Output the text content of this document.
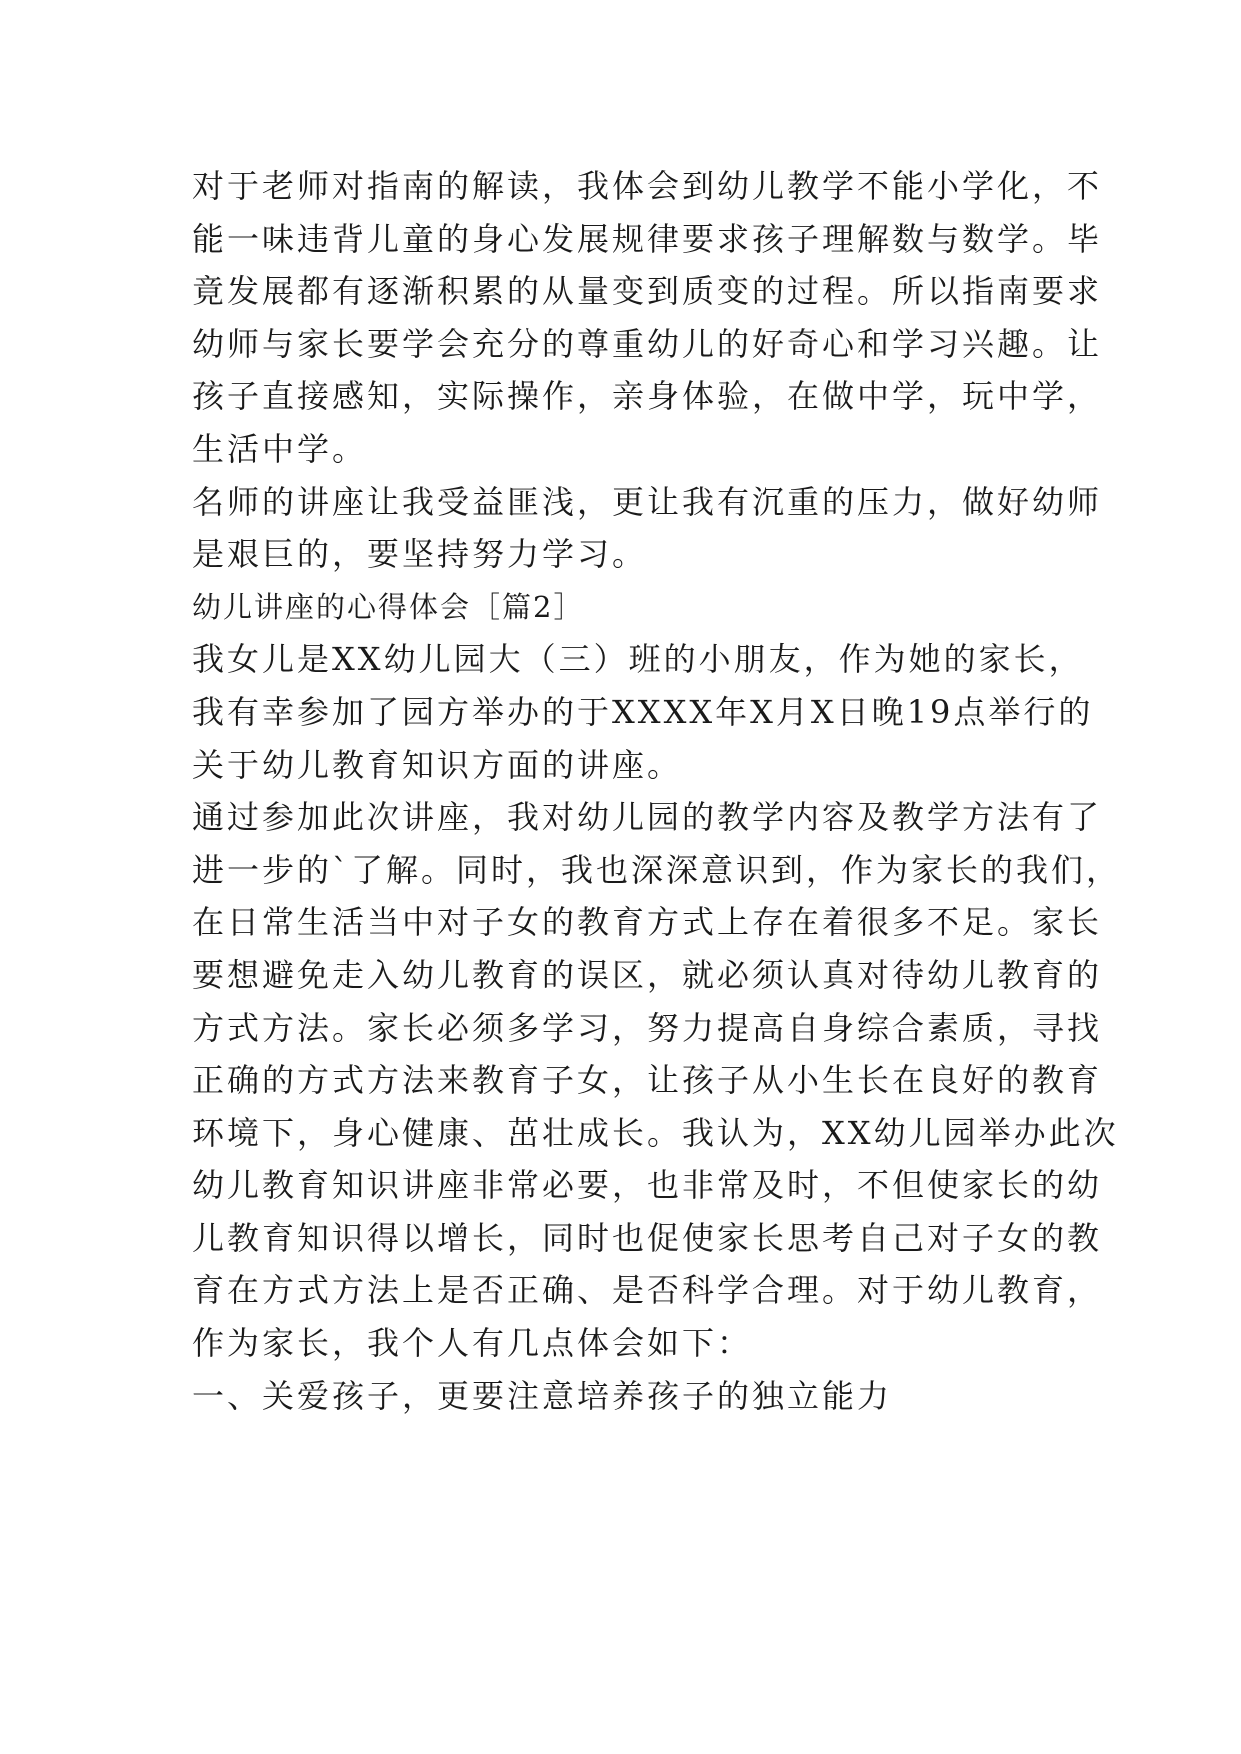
对于老师对指南的解读，我体会到幼儿教学不能小学化，不
能一味违背儿童的身心发展规律要求孩子理解数与数学。毕
竟发展都有逐渐积累的从量变到质变的过程。所以指南要求
幼师与家长要学会充分的尊重幼儿的好奇心和学习兴趣。让
孩子直接感知，实际操作，亲身体验，在做中学，玩中学，
生活中学。
名师的讲座让我受益匪浅，更让我有沉重的压力，做好幼师
是艰巨的，要坚持努力学习。
幼儿讲座的心得体会［篇2］
我女儿是XX幼儿园大（三）班的小朋友，作为她的家长，
我有幸参加了园方举办的于XXXX年X月X日晚19点举行的
关于幼儿教育知识方面的讲座。
通过参加此次讲座，我对幼儿园的教学内容及教学方法有了
进一步的`了解。同时，我也深深意识到，作为家长的我们，
在日常生活当中对子女的教育方式上存在着很多不足。家长
要想避免走入幼儿教育的误区，就必须认真对待幼儿教育的
方式方法。家长必须多学习，努力提高自身综合素质，寻找
正确的方式方法来教育子女，让孩子从小生长在良好的教育
环境下，身心健康、茁壮成长。我认为，XX幼儿园举办此次
幼儿教育知识讲座非常必要，也非常及时，不但使家长的幼
儿教育知识得以增长，同时也促使家长思考自己对子女的教
育在方式方法上是否正确、是否科学合理。对于幼儿教育，
作为家长，我个人有几点体会如下：
一、关爱孩子，更要注意培养孩子的独立能力
